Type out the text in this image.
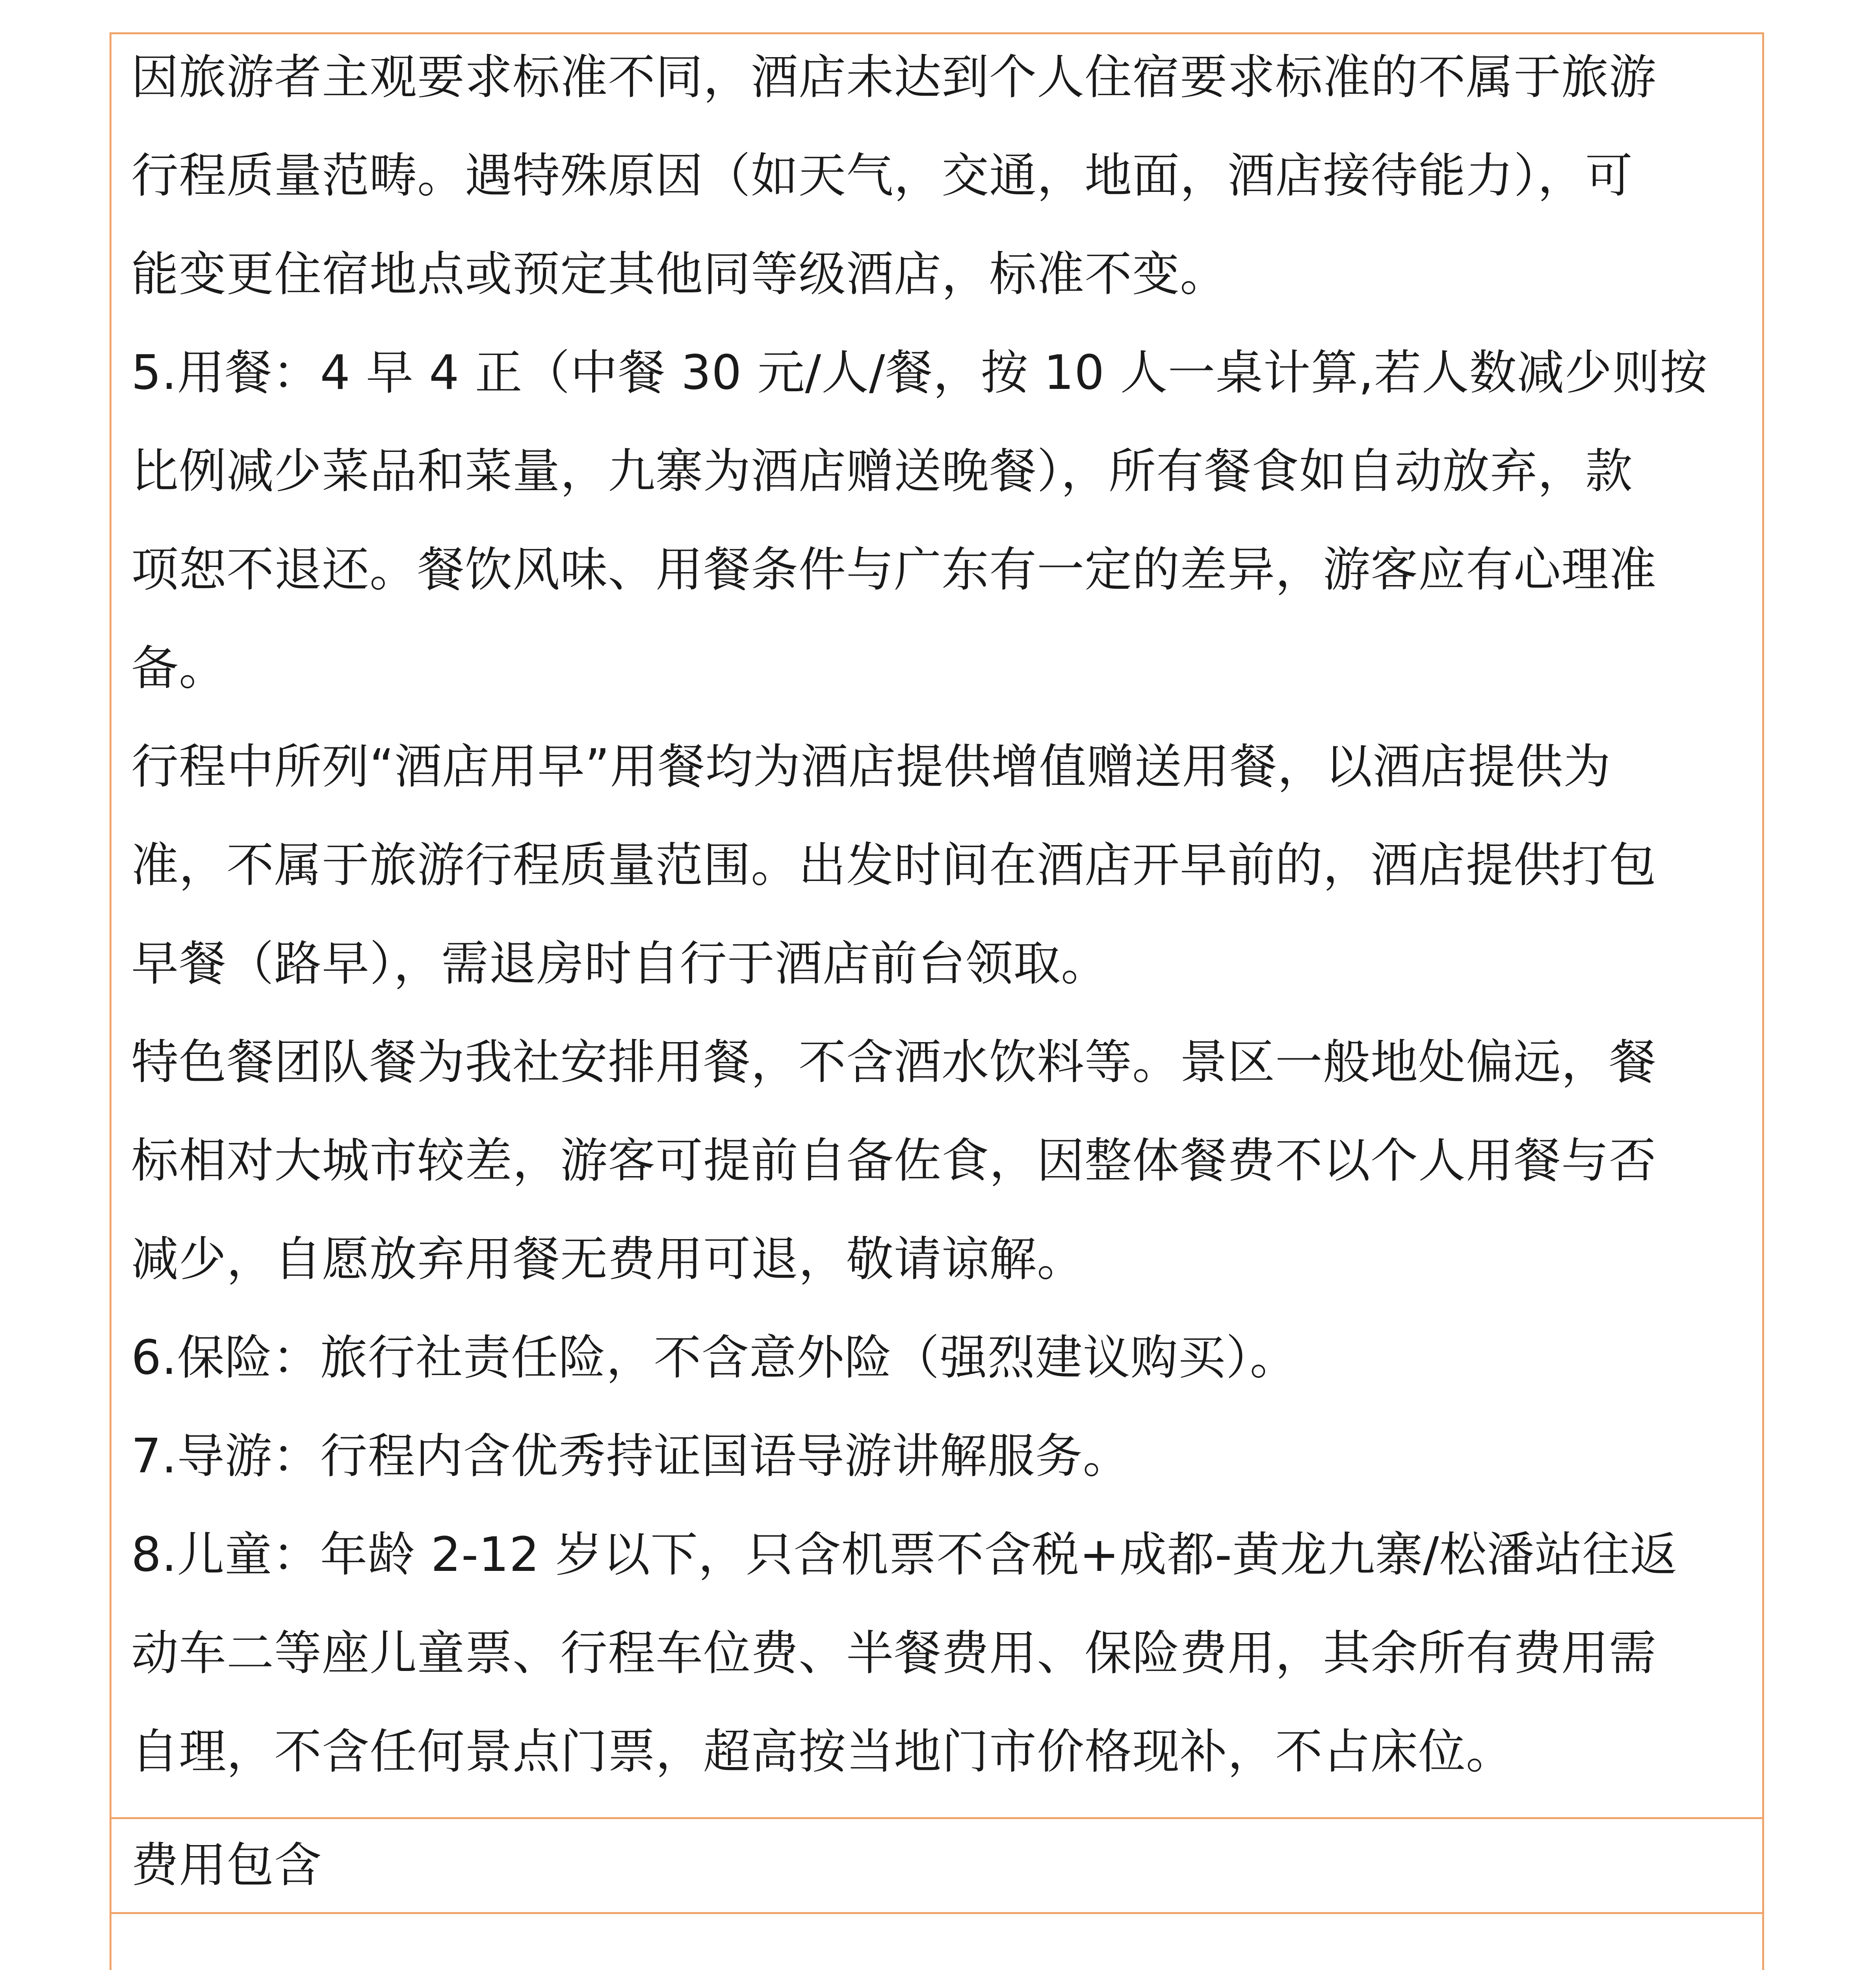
因旅游者主观要求标准不同，酒店未达到个人住宿要求标准的不属于旅游
行程质量范畴。遇特殊原因（如天气，交通，地面，酒店接待能力），可
能变更住宿地点或预定其他同等级酒店，标准不变。
5.用餐：4 早 4 正（中餐 30 元/人/餐，按 10 人一桌计算,若人数减少则按
比例减少菜品和菜量，九寨为酒店赠送晚餐），所有餐食如自动放弃，款
项恕不退还。餐饮风味、用餐条件与广东有一定的差异，游客应有心理准
备。
行程中所列“酒店用早”用餐均为酒店提供增值赠送用餐，以酒店提供为
准，不属于旅游行程质量范围。出发时间在酒店开早前的，酒店提供打包
早餐（路早），需退房时自行于酒店前台领取。
特色餐团队餐为我社安排用餐，不含酒水饮料等。景区一般地处偏远，餐
标相对大城市较差，游客可提前自备佐食，因整体餐费不以个人用餐与否
减少，自愿放弃用餐无费用可退，敬请谅解。
6.保险：旅行社责任险，不含意外险（强烈建议购买）。
7.导游：行程内含优秀持证国语导游讲解服务。
8.儿童：年龄 2-12 岁以下，只含机票不含税+成都-黄龙九寨/松潘站往返
动车二等座儿童票、行程车位费、半餐费用、保险费用，其余所有费用需
自理，不含任何景点门票，超高按当地门市价格现补，不占床位。
费用包含
